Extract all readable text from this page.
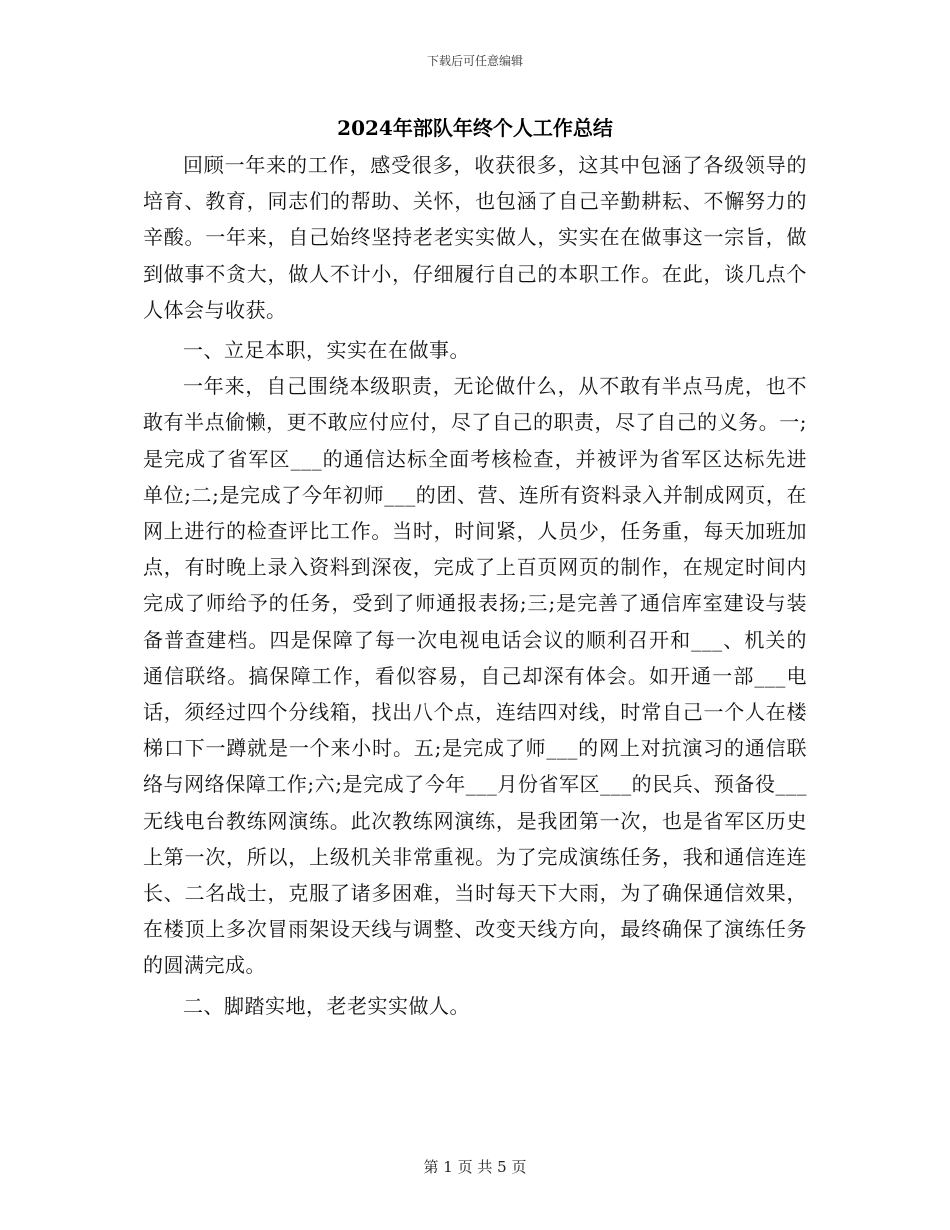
下载后可任意编辑
2024年部队年终个人工作总结

回顾一年来的工作，感受很多，收获很多，这其中包涵了各级领导的培育、教育，同志们的帮助、关怀，也包涵了自己辛勤耕耘、不懈努力的辛酸。一年来，自己始终坚持老老实实做人，实实在在做事这一宗旨，做到做事不贪大，做人不计小，仔细履行自己的本职工作。在此，谈几点个人体会与收获。

一、立足本职，实实在在做事。

一年来，自己围绕本级职责，无论做什么，从不敢有半点马虎，也不敢有半点偷懒，更不敢应付应付，尽了自己的职责，尽了自己的义务。一;是完成了省军区___的通信达标全面考核检查，并被评为省军区达标先进单位;二;是完成了今年初师___的团、营、连所有资料录入并制成网页，在网上进行的检查评比工作。当时，时间紧，人员少，任务重，每天加班加点，有时晚上录入资料到深夜，完成了上百页网页的制作，在规定时间内完成了师给予的任务，受到了师通报表扬;三;是完善了通信库室建设与装备普查建档。四是保障了每一次电视电话会议的顺利召开和___、机关的通信联络。搞保障工作，看似容易，自己却深有体会。如开通一部___电话，须经过四个分线箱，找出八个点，连结四对线，时常自己一个人在楼梯口下一蹲就是一个来小时。五;是完成了师___的网上对抗演习的通信联络与网络保障工作;六;是完成了今年___月份省军区___的民兵、预备役___无线电台教练网演练。此次教练网演练，是我团第一次，也是省军区历史上第一次，所以，上级机关非常重视。为了完成演练任务，我和通信连连长、二名战士，克服了诸多困难，当时每天下大雨，为了确保通信效果，在楼顶上多次冒雨架设天线与调整、改变天线方向，最终确保了演练任务的圆满完成。

二、脚踏实地，老老实实做人。

第 1 页 共 5 页
